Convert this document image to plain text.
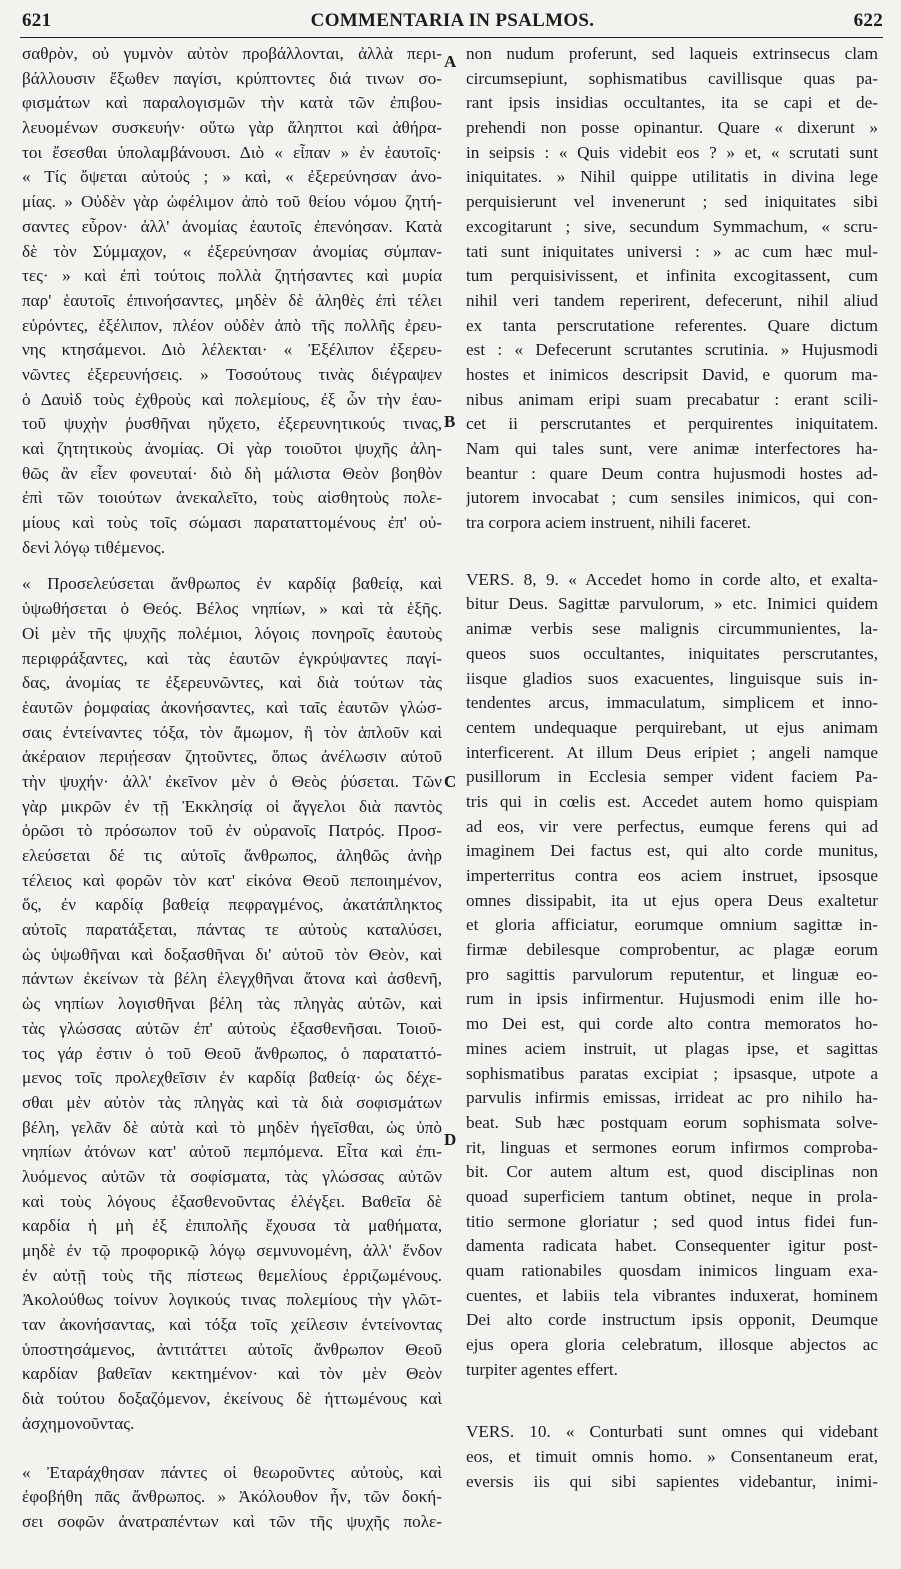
621	COMMENTARIA IN PSALMOS.	622
σαθρὸν, οὐ γυμνὸν αὐτὸν προβάλλονται, ἀλλὰ περι-
βάλλουσιν ἔξωθεν παγίσι, κρύπτοντες διά τινων σο-
φισμάτων καὶ παραλογισμῶν τὴν κατὰ τῶν ἐπιβου-
λευομένων συσκευήν· οὕτω γὰρ ἄληπτοι καὶ ἀθήρα-
τοι ἔσεσθαι ὑπολαμβάνουσι. Διὸ « εἶπαν » ἐν ἑαυτοῖς·
« Τίς ὄψεται αὐτούς ; » καὶ, « ἐξερεύνησαν ἀνο-
μίας. » Οὐδὲν γὰρ ὠφέλιμον ἀπὸ τοῦ θείου νόμου ζητή-
σαντες εὗρον· ἀλλ' ἀνομίας ἑαυτοῖς ἐπενόησαν. Κατὰ
δὲ τὸν Σύμμαχον, « ἐξερεύνησαν ἀνομίας σύμπαν-
τες· » καὶ ἐπὶ τούτοις πολλὰ ζητήσαντες καὶ μυρία
παρ' ἑαυτοῖς ἐπινοήσαντες, μηδὲν δὲ ἀληθὲς ἐπὶ τέλει
εὑρόντες, ἐξέλιπον, πλέον οὐδὲν ἀπὸ τῆς πολλῆς ἐρευ-
νης κτησάμενοι. Διὸ λέλεκται· « Ἐξέλιπον ἐξερευ-
νῶντες ἐξερευνήσεις. » Τοσούτους τινὰς διέγραψεν
ὁ Δαυὶδ τοὺς ἐχθροὺς καὶ πολεμίους, ἐξ ὧν τὴν ἑαυ-
τοῦ ψυχὴν ῥυσθῆναι ηὔχετο, ἐξερευνητικούς τινας,
καὶ ζητητικοὺς ἀνομίας. Οἱ γὰρ τοιοῦτοι ψυχῆς ἀλη-
θῶς ἂν εἶεν φονευταί· διὸ δὴ μάλιστα Θεὸν βοηθὸν
ἐπὶ τῶν τοιούτων ἀνεκαλεῖτο, τοὺς αἰσθητοὺς πολε-
μίους καὶ τοὺς τοῖς σώμασι παραταττομένους ἐπ' οὐ-
δενὶ λόγῳ τιθέμενος.
« Προσελεύσεται ἄνθρωπος ἐν καρδίᾳ βαθείᾳ, καὶ
ὑψωθήσεται ὁ Θεός. Βέλος νηπίων, » καὶ τὰ ἑξῆς.
Οἱ μὲν τῆς ψυχῆς πολέμιοι, λόγοις πονηροῖς ἑαυτοὺς
περιφράξαντες, καὶ τὰς ἑαυτῶν ἐγκρύψαντες παγί-
δας, ἀνομίας τε ἐξερευνῶντες, καὶ διὰ τούτων τὰς
ἑαυτῶν ῥομφαίας ἀκονήσαντες, καὶ ταῖς ἑαυτῶν γλώσ-
σαις ἐντείναντες τόξα, τὸν ἄμωμον, ἢ τὸν ἁπλοῦν καὶ
ἀκέραιον περιῄεσαν ζητοῦντες, ὅπως ἀνέλωσιν αὐτοῦ
τὴν ψυχήν· ἀλλ' ἐκεῖνον μὲν ὁ Θεὸς ῥύσεται. Τῶν
γὰρ μικρῶν ἐν τῇ Ἐκκλησίᾳ οἱ ἄγγελοι διὰ παντὸς
ὁρῶσι τὸ πρόσωπον τοῦ ἐν οὐρανοῖς Πατρός. Προσ-
ελεύσεται δέ τις αὐτοῖς ἄνθρωπος, ἀληθῶς ἀνὴρ
τέλειος καὶ φορῶν τὸν κατ' εἰκόνα Θεοῦ πεποιημένον,
ὅς, ἐν καρδίᾳ βαθείᾳ πεφραγμένος, ἀκατάπληκτος
αὐτοῖς παρατάξεται, πάντας τε αὐτοὺς καταλύσει,
ὡς ὑψωθῆναι καὶ δοξασθῆναι δι' αὐτοῦ τὸν Θεὸν, καὶ
πάντων ἐκείνων τὰ βέλη ἐλεγχθῆναι ἄτονα καὶ ἀσθενῆ,
ὡς νηπίων λογισθῆναι βέλη τὰς πληγὰς αὐτῶν, καὶ
τὰς γλώσσας αὐτῶν ἐπ' αὐτοὺς ἐξασθενῆσαι. Τοιοῦ-
τος γάρ ἐστιν ὁ τοῦ Θεοῦ ἄνθρωπος, ὁ παραταττό-
μενος τοῖς προλεχθεῖσιν ἐν καρδίᾳ βαθείᾳ· ὡς δέχε-
σθαι μὲν αὐτὸν τὰς πληγὰς καὶ τὰ διὰ σοφισμάτων
βέλη, γελᾶν δὲ αὐτὰ καὶ τὸ μηδὲν ἡγεῖσθαι, ὡς ὑπὸ
νηπίων ἀτόνων κατ' αὐτοῦ πεμπόμενα. Εἶτα καὶ ἐπι-
λυόμενος αὐτῶν τὰ σοφίσματα, τὰς γλώσσας αὐτῶν
καὶ τοὺς λόγους ἐξασθενοῦντας ἐλέγξει. Βαθεῖα δὲ
καρδία ἡ μὴ ἐξ ἐπιπολῆς ἔχουσα τὰ μαθήματα,
μηδὲ ἐν τῷ προφορικῷ λόγῳ σεμνυνομένη, ἀλλ' ἔνδον
ἐν αὐτῇ τοὺς τῆς πίστεως θεμελίους ἐρριζωμένους.
Ἀκολούθως τοίνυν λογικούς τινας πολεμίους τὴν γλῶτ-
ταν ἀκονήσαντας, καὶ τόξα τοῖς χείλεσιν ἐντείνοντας
ὑποστησάμενος, ἀντιτάττει αὐτοῖς ἄνθρωπον Θεοῦ
καρδίαν βαθεῖαν κεκτημένον· καὶ τὸν μὲν Θεὸν
διὰ τούτου δοξαζόμενον, ἐκείνους δὲ ἡττωμένους καὶ
ἀσχημονοῦντας.
« Ἐταράχθησαν πάντες οἱ θεωροῦντες αὐτοὺς, καὶ
ἐφοβήθη πᾶς ἄνθρωπος. » Ἀκόλουθον ἦν, τῶν δοκή-
σει σοφῶν ἀνατραπέντων καὶ τῶν τῆς ψυχῆς πολε-
non nudum proferunt, sed laqueis extrinsecus clam
circumsepiunt, sophismatibus cavillisque quas pa-
rant ipsis insidias occultantes, ita se capi et de-
prehendi non posse opinantur. Quare « dixerunt »
in seipsis : « Quis videbit eos ? » et, « scrutati sunt
iniquitates. » Nihil quippe utilitatis in divina lege
perquisierunt vel invenerunt ; sed iniquitates sibi
excogitarunt ; sive, secundum Symmachum, « scru-
tati sunt iniquitates universi : » ac cum hæc mul-
tum perquisivissent, et infinita excogitassent, cum
nihil veri tandem reperirent, defecerunt, nihil aliud
ex tanta perscrutatione referentes. Quare dictum
est : « Defecerunt scrutantes scrutinia. » Hujusmodi
hostes et inimicos descripsit David, e quorum ma-
nibus animam eripi suam precabatur : erant scili-
cet ii perscrutantes et perquirentes iniquitatem.
Nam qui tales sunt, vere animæ interfectores ha-
beantur : quare Deum contra hujusmodi hostes ad-
jutorem invocabat ; cum sensiles inimicos, qui con-
tra corpora aciem instruent, nihili faceret.
VERS. 8, 9. « Accedet homo in corde alto, et exalta-
bitur Deus. Sagittæ parvulorum, » etc. Inimici quidem
animæ verbis sese malignis circummunientes, la-
queos suos occultantes, iniquitates perscrutantes,
iisque gladios suos exacuentes, linguisque suis in-
tendentes arcus, immaculatum, simplicem et inno-
centem undequaque perquirebant, ut ejus animam
interficerent. At illum Deus eripiet ; angeli namque
pusillorum in Ecclesia semper vident faciem Pa-
tris qui in cœlis est. Accedet autem homo quispiam
ad eos, vir vere perfectus, eumque ferens qui ad
imaginem Dei factus est, qui alto corde munitus,
imperterritus contra eos aciem instruet, ipsosque
omnes dissipabit, ita ut ejus opera Deus exaltetur
et gloria afficiatur, eorumque omnium sagittæ in-
firmæ debilesque comprobentur, ac plagæ eorum
pro sagittis parvulorum reputentur, et linguæ eo-
rum in ipsis infirmentur. Hujusmodi enim ille ho-
mo Dei est, qui corde alto contra memoratos ho-
mines aciem instruit, ut plagas ipse, et sagittas
sophismatibus paratas excipiat ; ipsasque, utpote a
parvulis infirmis emissas, irrideat ac pro nihilo ha-
beat. Sub hæc postquam eorum sophismata solve-
rit, linguas et sermones eorum infirmos comproba-
bit. Cor autem altum est, quod disciplinas non
quoad superficiem tantum obtinet, neque in prola-
titio sermone gloriatur ; sed quod intus fidei fun-
damenta radicata habet. Consequenter igitur post-
quam rationabiles quosdam inimicos linguam exa-
cuentes, et labiis tela vibrantes induxerat, hominem
Dei alto corde instructum ipsis opponit, Deumque
ejus opera gloria celebratum, illosque abjectos ac
turpiter agentes effert.
VERS. 10. « Conturbati sunt omnes qui videbant
eos, et timuit omnis homo. » Consentaneum erat,
eversis iis qui sibi sapientes videbantur, inimi-
A
B
C
D
